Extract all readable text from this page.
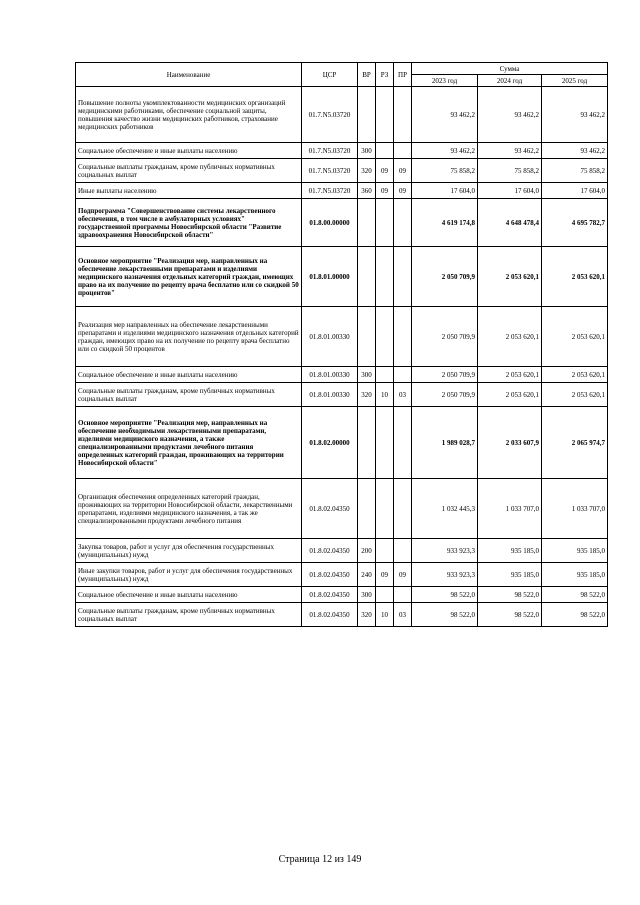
Наименование	ЦСР	ВР	РЗ	ПР	Сумма		
					2023 год	2024 год	2025 год
Повышение полноты укомплектованности медицинских организаций медицинскими работниками, обеспечение социальной защиты, повышения качество жизни медицинских работников, страхование медицинских работников	01.7.N5.03720				93 462,2	93 462,2	93 462,2
Социальное обеспечение и иные выплаты населению	01.7.N5.03720	300			93 462,2	93 462,2	93 462,2
Социальные выплаты гражданам, кроме публичных нормативных социальных выплат	01.7.N5.03720	320	09	09	75 858,2	75 858,2	75 858,2
Иные выплаты населению	01.7.N5.03720	360	09	09	17 604,0	17 604,0	17 604,0
Подпрограмма "Совершенствование системы лекарственного обеспечения, в том числе в амбулаторных условиях" государственной программы Новосибирской области "Развитие здравоохранения Новосибирской области"	01.8.00.00000				4 619 174,8	4 648 478,4	4 695 782,7
Основное мероприятие "Реализация мер, направленных на обеспечение лекарственными препаратами и изделиями медицинского назначения отдельных категорий граждан, имеющих право на их получение по рецепту врача бесплатно или со скидкой 50 процентов"	01.8.01.00000				2 050 709,9	2 053 620,1	2 053 620,1
Реализация мер направленных на обеспечение лекарственными препаратами и изделиями медицинского назначения отдельных категорий граждан, имеющих право на их получение по рецепту врача бесплатно или со скидкой 50 процентов	01.8.01.00330				2 050 709,9	2 053 620,1	2 053 620,1
Социальное обеспечение и иные выплаты населению	01.8.01.00330	300			2 050 709,9	2 053 620,1	2 053 620,1
Социальные выплаты гражданам, кроме публичных нормативных социальных выплат	01.8.01.00330	320	10	03	2 050 709,9	2 053 620,1	2 053 620,1
Основное мероприятие "Реализация мер, направленных на обеспечение необходимыми лекарственными препаратами, изделиями медицинского назначения, а также специализированными продуктами лечебного питания определенных категорий граждан, проживающих на территории Новосибирской области"	01.8.02.00000				1 989 028,7	2 033 607,9	2 065 974,7
Организация обеспечения определенных категорий граждан, проживающих на территории Новосибирской области, лекарственными препаратами, изделиями медицинского назначения, а так же специализированными продуктами лечебного питания	01.8.02.04350				1 032 445,3	1 033 707,0	1 033 707,0
Закупка товаров, работ и услуг для обеспечения государственных (муниципальных) нужд	01.8.02.04350	200			933 923,3	935 185,0	935 185,0
Иные закупки товаров, работ и услуг для обеспечения государственных (муниципальных) нужд	01.8.02.04350	240	09	09	933 923,3	935 185,0	935 185,0
Социальное обеспечение и иные выплаты населению	01.8.02.04350	300			98 522,0	98 522,0	98 522,0
Социальные выплаты гражданам, кроме публичных нормативных социальных выплат	01.8.02.04350	320	10	03	98 522,0	98 522,0	98 522,0
Страница 12 из 149
